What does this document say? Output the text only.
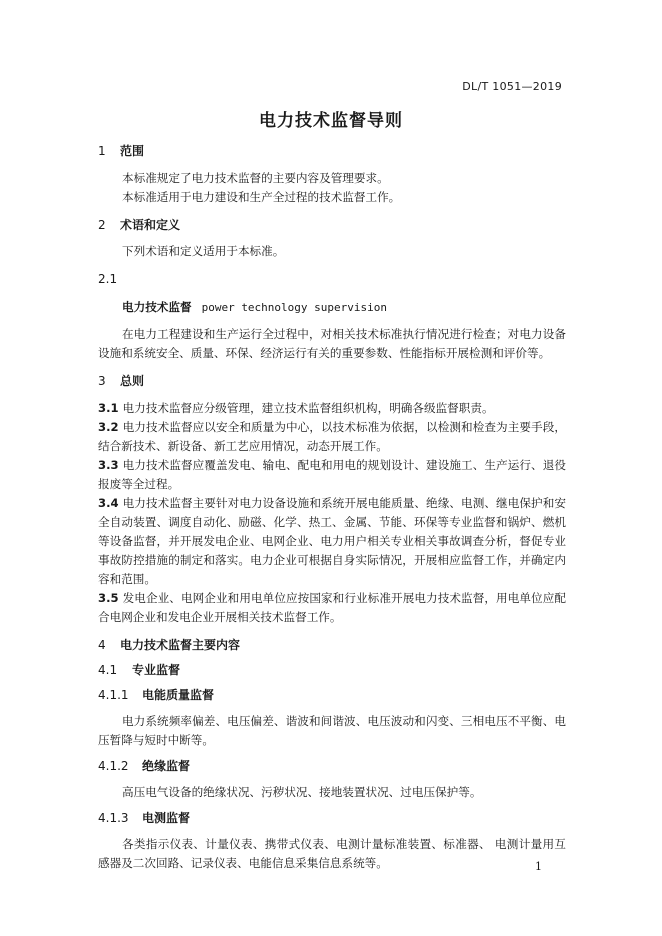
DL/T 1051—2019
电力技术监督导则
1 范围
本标准规定了电力技术监督的主要内容及管理要求。
本标准适用于电力建设和生产全过程的技术监督工作。
2 术语和定义
下列术语和定义适用于本标准。
2.1
电力技术监督 power technology supervision
在电力工程建设和生产运行全过程中，对相关技术标准执行情况进行检查；对电力设备设施和系统安全、质量、环保、经济运行有关的重要参数、性能指标开展检测和评价等。
3 总则
3.1 电力技术监督应分级管理，建立技术监督组织机构，明确各级监督职责。
3.2 电力技术监督应以安全和质量为中心，以技术标准为依据，以检测和检查为主要手段，结合新技术、新设备、新工艺应用情况，动态开展工作。
3.3 电力技术监督应覆盖发电、输电、配电和用电的规划设计、建设施工、生产运行、退役报废等全过程。
3.4 电力技术监督主要针对电力设备设施和系统开展电能质量、绝缘、电测、继电保护和安全自动装置、调度自动化、励磁、化学、热工、金属、节能、环保等专业监督和锅炉、燃机等设备监督，并开展发电企业、电网企业、电力用户相关专业相关事故调查分析，督促专业事故防控措施的制定和落实。电力企业可根据自身实际情况，开展相应监督工作，并确定内容和范围。
3.5 发电企业、电网企业和用电单位应按国家和行业标准开展电力技术监督，用电单位应配合电网企业和发电企业开展相关技术监督工作。
4 电力技术监督主要内容
4.1 专业监督
4.1.1 电能质量监督
电力系统频率偏差、电压偏差、谐波和间谐波、电压波动和闪变、三相电压不平衡、电压暂降与短时中断等。
4.1.2 绝缘监督
高压电气设备的绝缘状况、污秽状况、接地装置状况、过电压保护等。
4.1.3 电测监督
各类指示仪表、计量仪表、携带式仪表、电测计量标准装置、标准器、 电测计量用互感器及二次回路、记录仪表、电能信息采集信息系统等。	1
